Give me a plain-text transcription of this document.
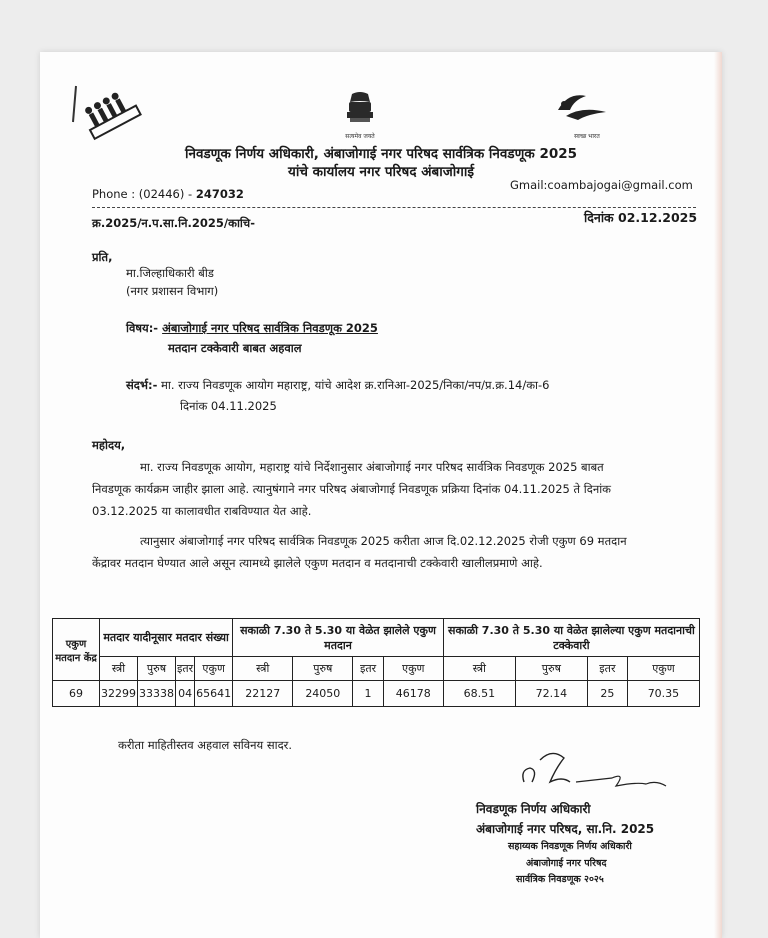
सत्यमेव जयते	स्वच्छ भारत
निवडणूक निर्णय अधिकारी, अंबाजोगाई नगर परिषद सार्वत्रिक निवडणूक 2025
यांचे कार्यालय नगर परिषद अंबाजोगाई
Phone : (02446) - 247032
Gmail:coambajogai@gmail.com
क्र.2025/न.प.सा.नि.2025/काचि-	दिनांक 02.12.2025
प्रति,
मा.जिल्हाधिकारी बीड
(नगर प्रशासन विभाग)
विषय:- अंबाजोगाई नगर परिषद सार्वत्रिक निवडणूक 2025
मतदान टक्केवारी बाबत अहवाल
संदर्भ:- मा. राज्य निवडणूक आयोग महाराष्ट्र, यांचे आदेश क्र.रानिआ-2025/निका/नप/प्र.क्र.14/का-6
दिनांक 04.11.2025
महोदय,
मा. राज्य निवडणूक आयोग, महाराष्ट्र यांचे निर्देशानुसार अंबाजोगाई नगर परिषद सार्वत्रिक निवडणूक 2025 बाबत
निवडणूक कार्यक्रम जाहीर झाला आहे. त्यानुषंगाने नगर परिषद अंबाजोगाई निवडणूक प्रक्रिया दिनांक 04.11.2025 ते दिनांक
03.12.2025 या कालावधीत राबविण्यात येत आहे.
त्यानुसार अंबाजोगाई नगर परिषद सार्वत्रिक निवडणूक 2025 करीता आज दि.02.12.2025 रोजी एकुण 69 मतदान
केंद्रावर मतदान घेण्यात आले असून त्यामध्ये झालेले एकुण मतदान व मतदानाची टक्केवारी खालीलप्रमाणे आहे.
एकुण मतदान केंद्र	मतदार यादीनूसार मतदार संख्या				सकाळी 7.30 ते 5.30 या वेळेत झालेले एकुण मतदान				सकाळी 7.30 ते 5.30 या वेळेत झालेल्या एकुण मतदानाची टक्केवारी			
	स्त्री	पुरुष	इतर	एकुण	स्त्री	पुरुष	इतर	एकुण	स्त्री	पुरुष	इतर	एकुण
69	32299	33338	04	65641	22127	24050	1	46178	68.51	72.14	25	70.35
करीता माहितीस्तव अहवाल सविनय सादर.
निवडणूक निर्णय अधिकारी
अंबाजोगाई नगर परिषद, सा.नि. 2025
सहाय्यक निवडणूक निर्णय अधिकारी
अंबाजोगाई नगर परिषद
सार्वत्रिक निवडणूक २०२५
